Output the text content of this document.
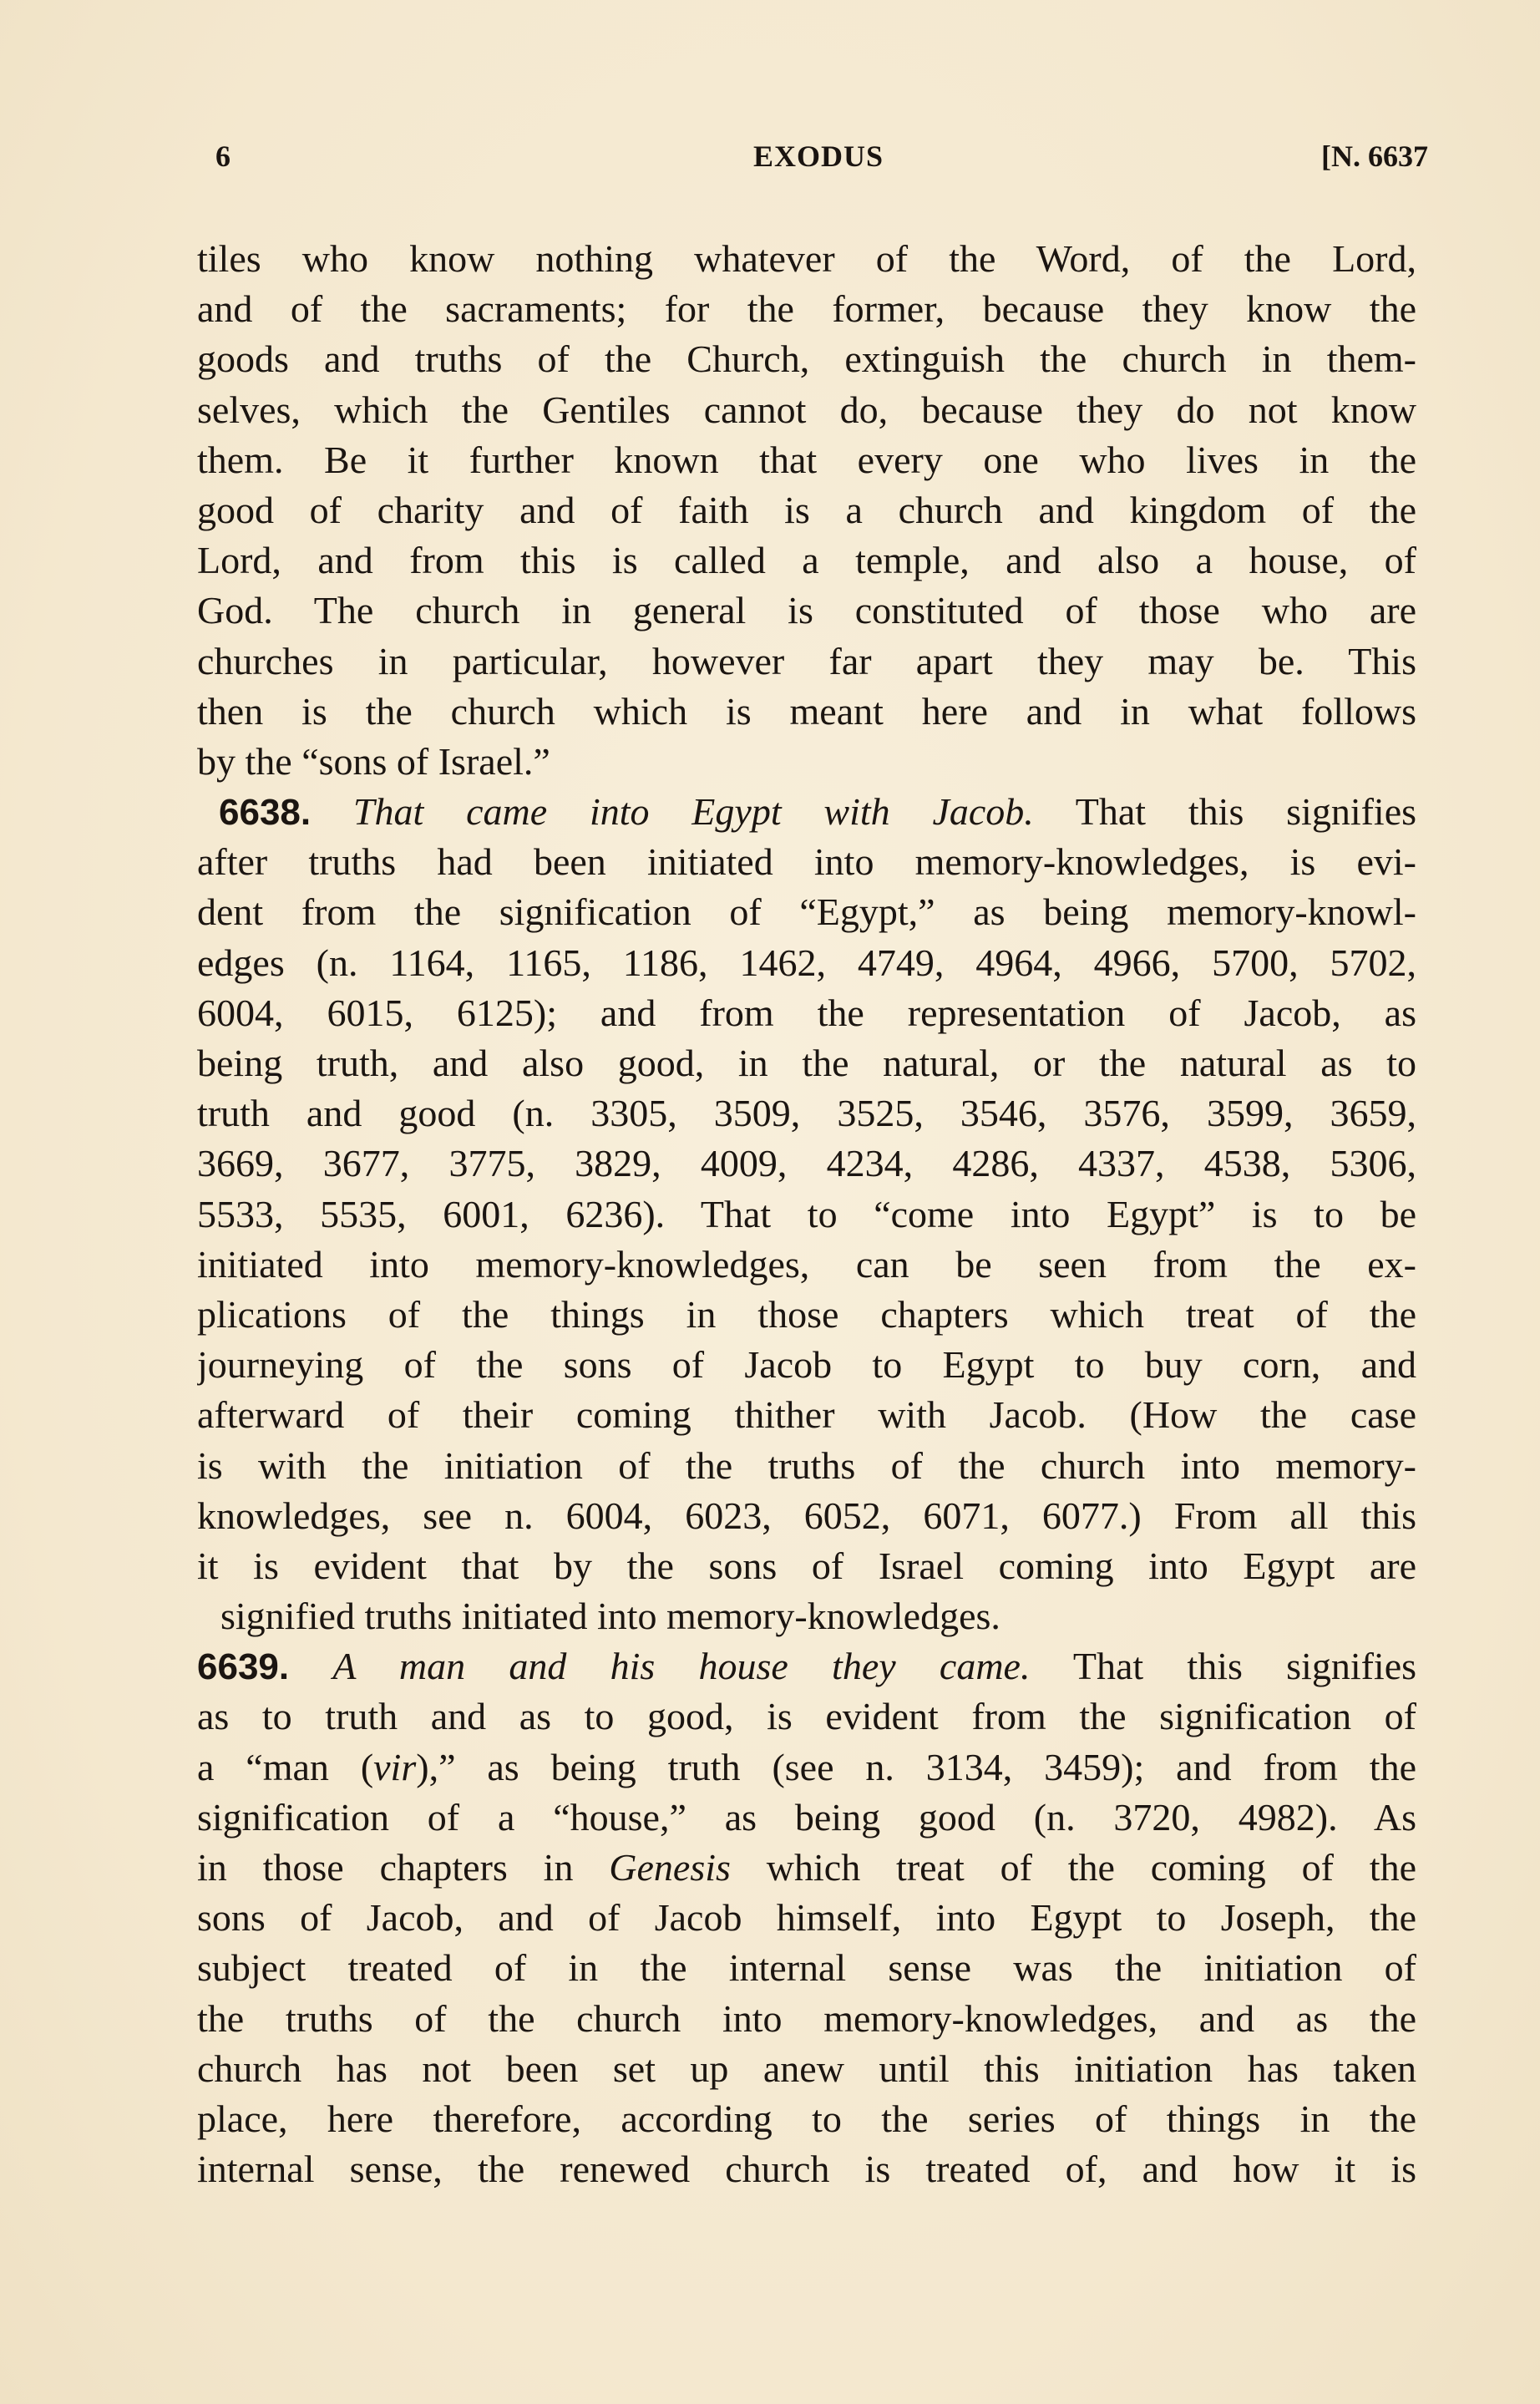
6	EXODUS	[N. 6637
tiles who know nothing whatever of the Word, of the Lord,
and of the sacraments; for the former, because they know the
goods and truths of the Church, extinguish the church in them-
selves, which the Gentiles cannot do, because they do not know
them. Be it further known that every one who lives in the
good of charity and of faith is a church and kingdom of the
Lord, and from this is called a temple, and also a house, of
God. The church in general is constituted of those who are
churches in particular, however far apart they may be. This
then is the church which is meant here and in what follows
by the “sons of Israel.”
6638. That came into Egypt with Jacob. That this signifies
after truths had been initiated into memory-knowledges, is evi-
dent from the signification of “Egypt,” as being memory-knowl-
edges (n. 1164, 1165, 1186, 1462, 4749, 4964, 4966, 5700, 5702,
6004, 6015, 6125); and from the representation of Jacob, as
being truth, and also good, in the natural, or the natural as to
truth and good (n. 3305, 3509, 3525, 3546, 3576, 3599, 3659,
3669, 3677, 3775, 3829, 4009, 4234, 4286, 4337, 4538, 5306,
5533, 5535, 6001, 6236). That to “come into Egypt” is to be
initiated into memory-knowledges, can be seen from the ex-
plications of the things in those chapters which treat of the
journeying of the sons of Jacob to Egypt to buy corn, and
afterward of their coming thither with Jacob. (How the case
is with the initiation of the truths of the church into memory-
knowledges, see n. 6004, 6023, 6052, 6071, 6077.) From all this
it is evident that by the sons of Israel coming into Egypt are
signified truths initiated into memory-knowledges.
6639. A man and his house they came. That this signifies
as to truth and as to good, is evident from the signification of
a “man (vir),” as being truth (see n. 3134, 3459); and from the
signification of a “house,” as being good (n. 3720, 4982). As
in those chapters in Genesis which treat of the coming of the
sons of Jacob, and of Jacob himself, into Egypt to Joseph, the
subject treated of in the internal sense was the initiation of
the truths of the church into memory-knowledges, and as the
church has not been set up anew until this initiation has taken
place, here therefore, according to the series of things in the
internal sense, the renewed church is treated of, and how it is
